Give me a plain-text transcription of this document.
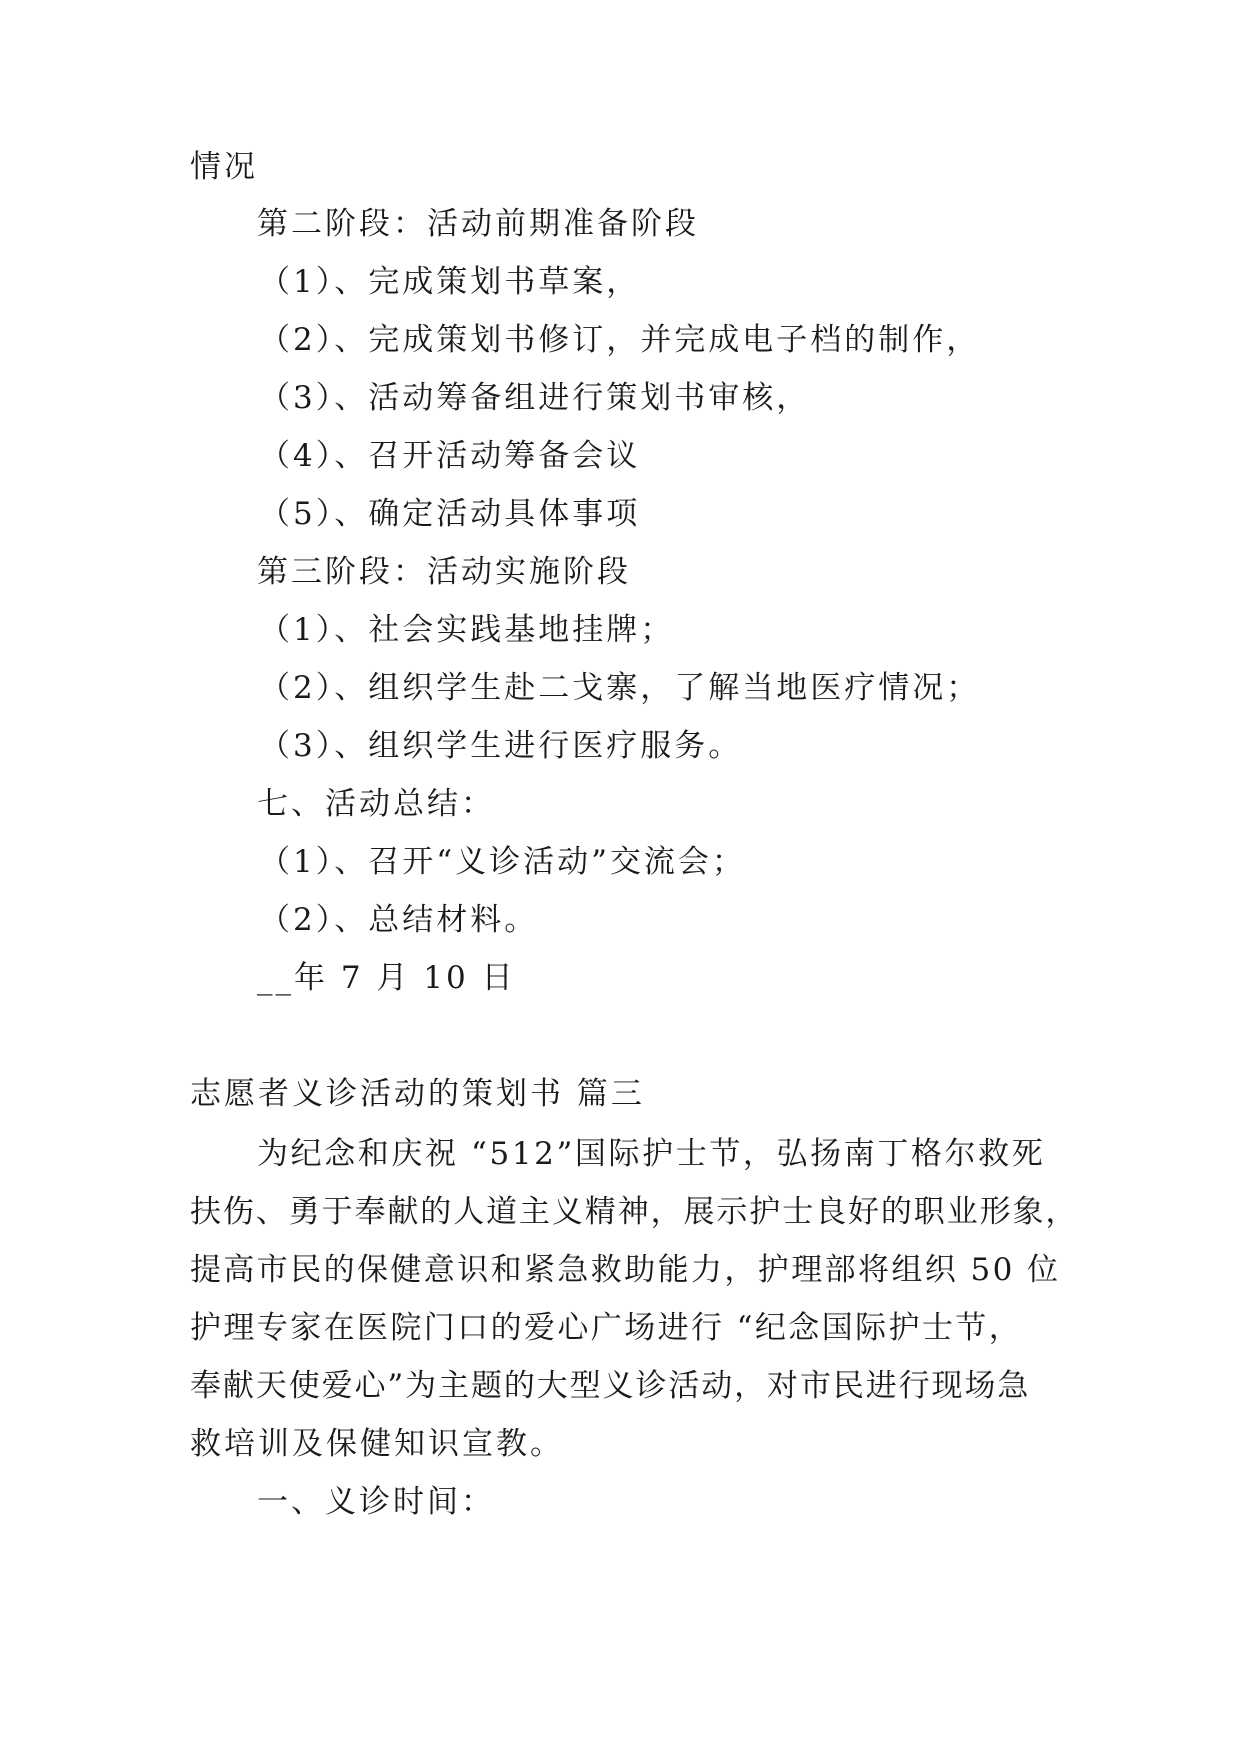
情况

第二阶段：活动前期准备阶段

（1）、完成策划书草案，

（2）、完成策划书修订，并完成电子档的制作，

（3）、活动筹备组进行策划书审核，

（4）、召开活动筹备会议

（5）、确定活动具体事项

第三阶段：活动实施阶段

（1）、社会实践基地挂牌；

（2）、组织学生赴二戈寨，了解当地医疗情况；

（3）、组织学生进行医疗服务。

七、活动总结：

（1）、召开“义诊活动”交流会；

（2）、总结材料。

__年 7 月 10 日

志愿者义诊活动的策划书 篇三

为纪念和庆祝 “512”国际护士节，弘扬南丁格尔救死

扶伤、勇于奉献的人道主义精神，展示护士良好的职业形象，

提高市民的保健意识和紧急救助能力，护理部将组织 50 位

护理专家在医院门口的爱心广场进行 “纪念国际护士节，

奉献天使爱心”为主题的大型义诊活动，对市民进行现场急

救培训及保健知识宣教。

一、义诊时间：
